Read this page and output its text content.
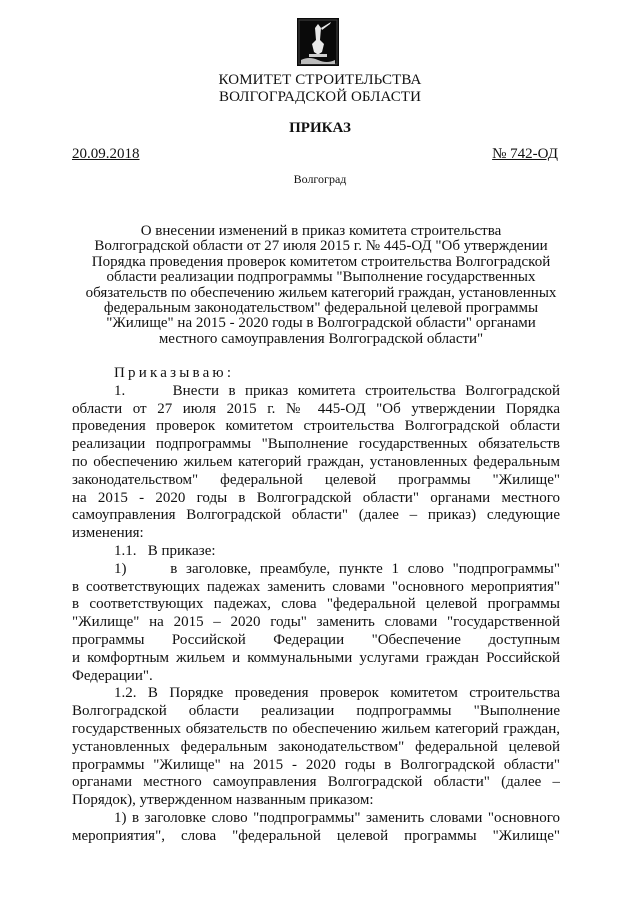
КОМИТЕТ СТРОИТЕЛЬСТВА
ВОЛГОГРАДСКОЙ ОБЛАСТИ
ПРИКАЗ
20.09.2018	№ 742-ОД
Волгоград
О внесении изменений в приказ комитета строительства
Волгоградской области от 27 июля 2015 г. № 445-ОД "Об утверждении
Порядка проведения проверок комитетом строительства Волгоградской
области реализации подпрограммы "Выполнение государственных
обязательств по обеспечению жильем категорий граждан, установленных
федеральным законодательством" федеральной целевой программы
"Жилище" на 2015 - 2020 годы в Волгоградской области" органами
местного самоуправления Волгоградской области"
Приказываю:
1.     Внести в приказ комитета строительства Волгоградской
области от 27 июля 2015 г. № 445-ОД "Об утверждении Порядка
проведения проверок комитетом строительства Волгоградской области
реализации подпрограммы "Выполнение государственных обязательств
по обеспечению жильем категорий граждан, установленных федеральным
законодательством" федеральной целевой программы "Жилище"
на 2015 - 2020 годы в Волгоградской области" органами местного
самоуправления Волгоградской области" (далее – приказ) следующие
изменения:
1.1.   В приказе:
1)     в заголовке, преамбуле, пункте 1 слово "подпрограммы"
в соответствующих падежах заменить словами "основного мероприятия"
в соответствующих падежах, слова "федеральной целевой программы
"Жилище" на 2015 – 2020 годы" заменить словами "государственной
программы Российской Федерации "Обеспечение доступным
и комфортным жильем и коммунальными услугами граждан Российской
Федерации".
1.2. В Порядке проведения проверок комитетом строительства
Волгоградской области реализации подпрограммы "Выполнение
государственных обязательств по обеспечению жильем категорий граждан,
установленных федеральным законодательством" федеральной целевой
программы "Жилище" на 2015 - 2020 годы в Волгоградской области"
органами местного самоуправления Волгоградской области" (далее –
Порядок), утвержденном названным приказом:
1) в заголовке слово "подпрограммы" заменить словами "основного
мероприятия", слова "федеральной целевой программы "Жилище"
